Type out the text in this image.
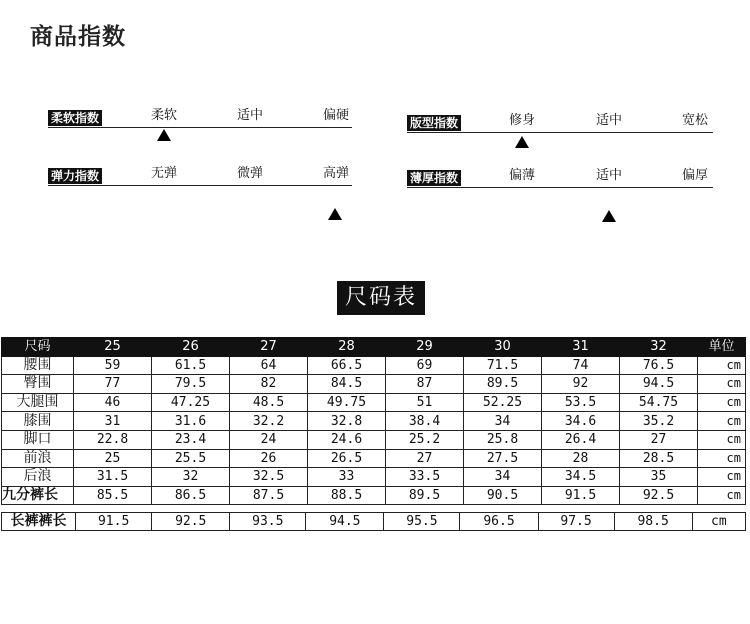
商品指数
柔软指数	柔软	适中	偏硬
弹力指数	无弹	微弹	高弹
版型指数	修身	适中	宽松
薄厚指数	偏薄	适中	偏厚
尺码表
尺码	25	26	27	28	29	30	31	32	单位
腰围	59	61.5	64	66.5	69	71.5	74	76.5	cm
臀围	77	79.5	82	84.5	87	89.5	92	94.5	cm
大腿围	46	47.25	48.5	49.75	51	52.25	53.5	54.75	cm
膝围	31	31.6	32.2	32.8	38.4	34	34.6	35.2	cm
脚口	22.8	23.4	24	24.6	25.2	25.8	26.4	27	cm
前浪	25	25.5	26	26.5	27	27.5	28	28.5	cm
后浪	31.5	32	32.5	33	33.5	34	34.5	35	cm
九分裤长	85.5	86.5	87.5	88.5	89.5	90.5	91.5	92.5	cm
长裤裤长	91.5	92.5	93.5	94.5	95.5	96.5	97.5	98.5	cm
